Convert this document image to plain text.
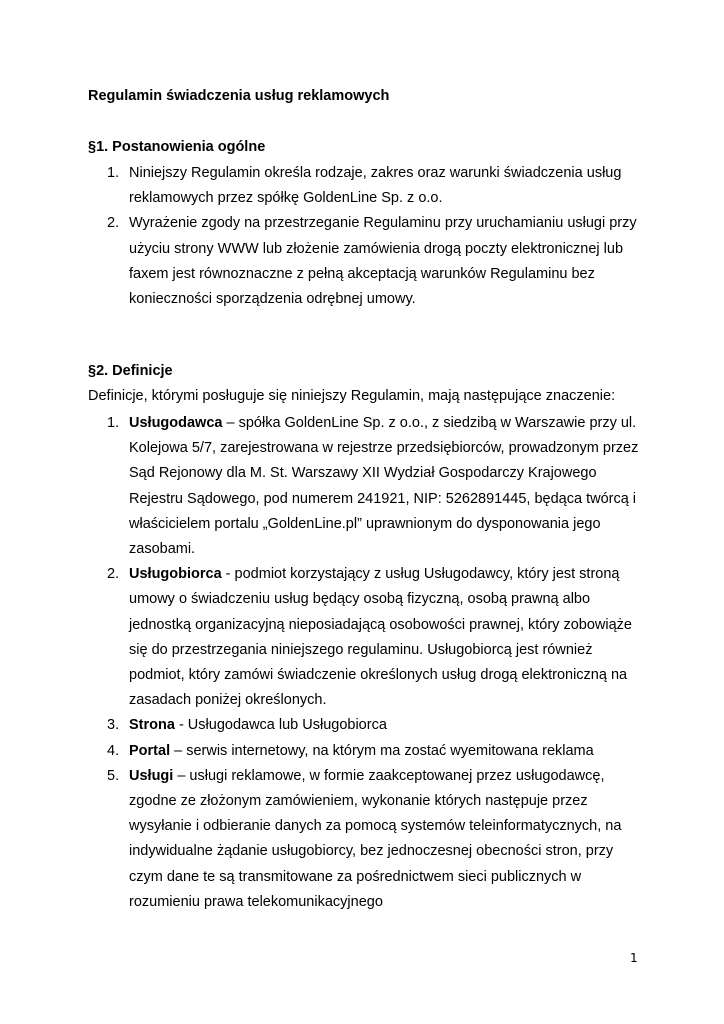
Regulamin świadczenia usług reklamowych
§1. Postanowienia ogólne
1. Niniejszy Regulamin określa rodzaje, zakres oraz warunki świadczenia usług reklamowych przez spółkę GoldenLine Sp. z o.o.
2. Wyrażenie zgody na przestrzeganie Regulaminu przy uruchamianiu usługi przy użyciu strony WWW lub złożenie zamówienia drogą poczty elektronicznej lub faxem jest równoznaczne z pełną akceptacją warunków Regulaminu bez konieczności sporządzenia odrębnej umowy.
§2. Definicje
Definicje, którymi posługuje się niniejszy Regulamin, mają następujące znaczenie:
1. Usługodawca – spółka GoldenLine Sp. z o.o., z siedzibą w Warszawie przy ul. Kolejowa 5/7, zarejestrowana w rejestrze przedsiębiorców, prowadzonym przez Sąd Rejonowy dla M. St. Warszawy XII Wydział Gospodarczy Krajowego Rejestru Sądowego, pod numerem 241921, NIP: 5262891445, będąca twórcą i właścicielem portalu „GoldenLine.pl” uprawnionym do dysponowania jego zasobami.
2. Usługobiorca - podmiot korzystający z usług Usługodawcy, który jest stroną umowy o świadczeniu usług będący osobą fizyczną, osobą prawną albo jednostką organizacyjną nieposiadającą osobowości prawnej, który zobowiąże się do przestrzegania niniejszego regulaminu. Usługobiorcą jest również podmiot, który zamówi świadczenie określonych usług drogą elektroniczną na zasadach poniżej określonych.
3. Strona - Usługodawca lub Usługobiorca
4. Portal – serwis internetowy, na którym ma zostać wyemitowana reklama
5. Usługi – usługi reklamowe, w formie zaakceptowanej przez usługodawcę, zgodne ze złożonym zamówieniem, wykonanie których następuje przez wysyłanie i odbieranie danych za pomocą systemów teleinformatycznych, na indywidualne żądanie usługobiorcy, bez jednoczesnej obecności stron, przy czym dane te są transmitowane za pośrednictwem sieci publicznych w rozumieniu prawa telekomunikacyjnego
1
